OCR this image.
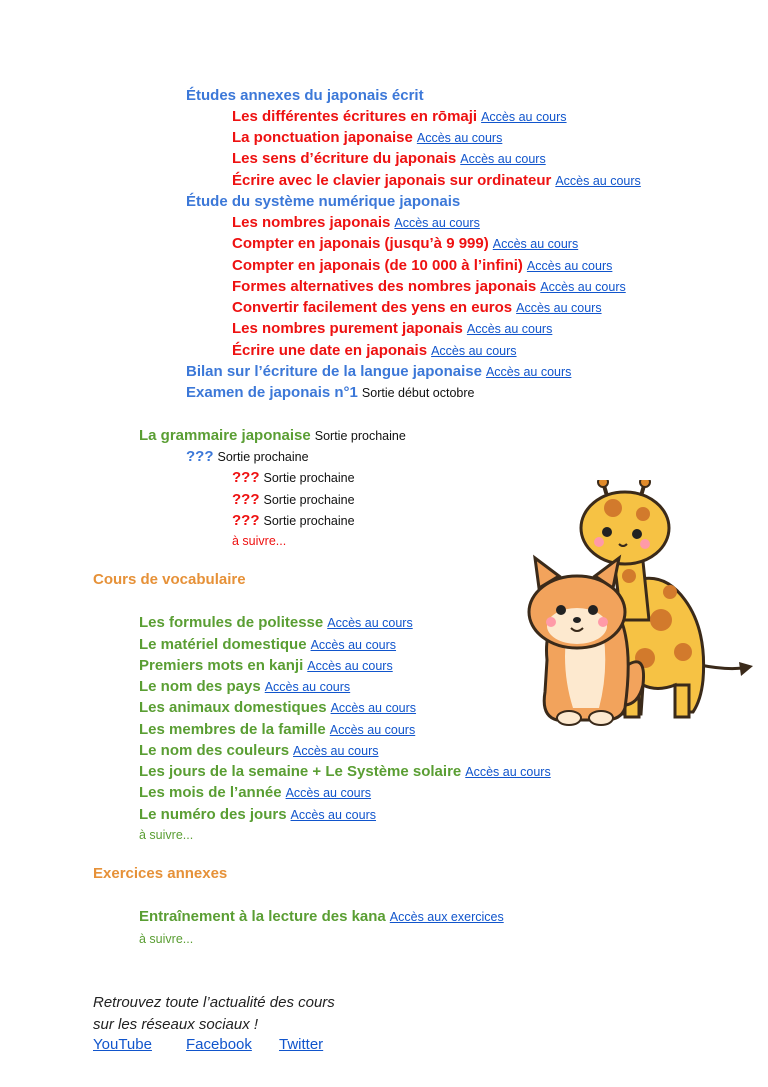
Études annexes du japonais écrit
Les différentes écritures en rōmaji Accès au cours
La ponctuation japonaise Accès au cours
Les sens d’écriture du japonais Accès au cours
Écrire avec le clavier japonais sur ordinateur Accès au cours
Étude du système numérique japonais
Les nombres japonais Accès au cours
Compter en japonais (jusqu’à 9 999) Accès au cours
Compter en japonais (de 10 000 à l’infini) Accès au cours
Formes alternatives des nombres japonais Accès au cours
Convertir facilement des yens en euros Accès au cours
Les nombres purement japonais Accès au cours
Écrire une date en japonais Accès au cours
Bilan sur l’écriture de la langue japonaise Accès au cours
Examen de japonais n°1 Sortie début octobre
La grammaire japonaise Sortie prochaine
??? Sortie prochaine
??? Sortie prochaine
??? Sortie prochaine
??? Sortie prochaine
à suivre...
Cours de vocabulaire
Les formules de politesse Accès au cours
Le matériel domestique Accès au cours
Premiers mots en kanji Accès au cours
Le nom des pays Accès au cours
Les animaux domestiques Accès au cours
Les membres de la famille Accès au cours
Le nom des couleurs Accès au cours
Les jours de la semaine + Le Système solaire Accès au cours
Les mois de l’année Accès au cours
Le numéro des jours Accès au cours
à suivre...
Exercices annexes
Entraînement à la lecture des kana Accès aux exercices
à suivre...
Retrouvez toute l’actualité des cours
sur les réseaux sociaux !
YouTube Facebook Twitter
